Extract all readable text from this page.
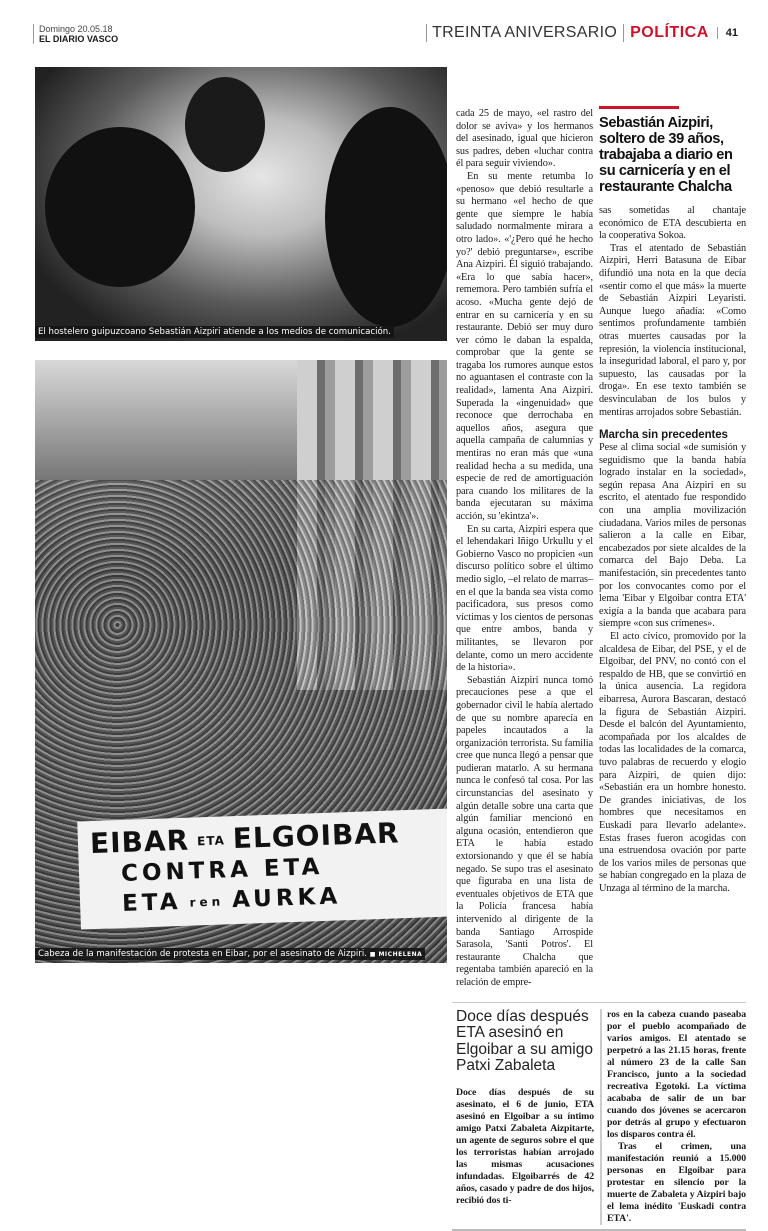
Domingo 20.05.18
EL DIARIO VASCO	TREINTA ANIVERSARIO POLÍTICA	41
El hostelero guipuzcoano Sebastián Aizpiri atiende a los medios de comunicación.
EIBAR ETA ELGOIBAR
CONTRA ETA
ETA ren AURKA
Cabeza de la manifestación de protesta en Eibar, por el asesinato de Aizpiri. ■ MICHELENA

cada 25 de mayo, «el rastro del dolor se aviva» y los hermanos del asesinado, igual que hicieron sus padres, deben «luchar contra él para seguir viviendo».

En su mente retumba lo «penoso» que debió resultarle a su hermano «el hecho de que gente que siempre le había saludado normalmente mirara a otro lado». «'¿Pero qué he hecho yo?' debió preguntarse», escribe Ana Aizpiri. Él siguió trabajando. «Era lo que sabía hacer», rememora. Pero también sufría el acoso. «Mucha gente dejó de entrar en su carnicería y en su restaurante. Debió ser muy duro ver cómo le daban la espalda, comprobar que la gente se tragaba los rumores aunque estos no aguantasen el contraste con la realidad», lamenta Ana Aizpiri. Superada la «ingenuidad» que reconoce que derrochaba en aquellos años, asegura que aquella campaña de calumnias y mentiras no eran más que «una realidad hecha a su medida, una especie de red de amortiguación para cuando los militares de la banda ejecutaran su máxima acción, su 'ekintza'».

En su carta, Aizpiri espera que el lehendakari Iñigo Urkullu y el Gobierno Vasco no propicien «un discurso político sobre el último medio siglo, –el relato de marras– en el que la banda sea vista como pacificadora, sus presos como víctimas y los cientos de personas que entre ambos, banda y militantes, se llevaron por delante, como un mero accidente de la historia».

Sebastián Aizpiri nunca tomó precauciones pese a que el gobernador civil le había alertado de que su nombre aparecía en papeles incautados a la organización terrorista. Su familia cree que nunca llegó a pensar que pudieran matarlo. A su hermana nunca le confesó tal cosa. Por las circunstancias del asesinato y algún detalle sobre una carta que algún familiar mencionó en alguna ocasión, entendieron que ETA le había estado extorsionando y que él se había negado. Se supo tras el asesinato que figuraba en una lista de eventuales objetivos de ETA que la Policía francesa había intervenido al dirigente de la banda Santiago Arrospide Sarasola, 'Santi Potros'. El restaurante Chalcha que regentaba también apareció en la relación de empre-

Sebastián Aizpiri, soltero de 39 años, trabajaba a diario en su carnicería y en el restaurante Chalcha

sas sometidas al chantaje económico de ETA descubierta en la cooperativa Sokoa.

Tras el atentado de Sebastián Aizpiri, Herri Batasuna de Eibar difundió una nota en la que decía «sentir como el que más» la muerte de Sebastián Aizpiri Leyaristi. Aunque luego añadía: «Como sentimos profundamente también otras muertes causadas por la represión, la violencia institucional, la inseguridad laboral, el paro y, por supuesto, las causadas por la droga». En ese texto también se desvinculaban de los bulos y mentiras arrojados sobre Sebastián.

Marcha sin precedentes

Pese al clima social «de sumisión y seguidismo que la banda había logrado instalar en la sociedad», según repasa Ana Aizpiri en su escrito, el atentado fue respondido con una amplia movilización ciudadana. Varios miles de personas salieron a la calle en Eibar, encabezados por siete alcaldes de la comarca del Bajo Deba. La manifestación, sin precedentes tanto por los convocantes como por el lema 'Eibar y Elgoibar contra ETA' exigía a la banda que acabara para siempre «con sus crímenes».

El acto cívico, promovido por la alcaldesa de Eibar, del PSE, y el de Elgoibar, del PNV, no contó con el respaldo de HB, que se convirtió en la única ausencia. La regidora eibarresa, Aurora Bascaran, destacó la figura de Sebastián Aizpiri. Desde el balcón del Ayuntamiento, acompañada por los alcaldes de todas las localidades de la comarca, tuvo palabras de recuerdo y elogio para Aizpiri, de quien dijo: «Sebastián era un hombre honesto. De grandes iniciativas, de los hombres que necesitamos en Euskadi para llevarlo adelante». Estas frases fueron acogidas con una estruendosa ovación por parte de los varios miles de personas que se habían congregado en la plaza de Unzaga al término de la marcha.

Doce días después ETA asesinó en Elgoibar a su amigo Patxi Zabaleta
Doce días después de su asesinato, el 6 de junio, ETA asesinó en Elgoibar a su íntimo amigo Patxi Zabaleta Aizpitarte, un agente de seguros sobre el que los terroristas habían arrojado las mismas acusaciones infundadas. Elgoibarrés de 42 años, casado y padre de dos hijos, recibió dos ti-

ros en la cabeza cuando paseaba por el pueblo acompañado de varios amigos. El atentado se perpetró a las 21.15 horas, frente al número 23 de la calle San Francisco, junto a la sociedad recreativa Egotoki. La víctima acababa de salir de un bar cuando dos jóvenes se acercaron por detrás al grupo y efectuaron los disparos contra él.

Tras el crimen, una manifestación reunió a 15.000 personas en Elgoibar para protestar en silencio por la muerte de Zabaleta y Aizpiri bajo el lema inédito 'Euskadi contra ETA'.
